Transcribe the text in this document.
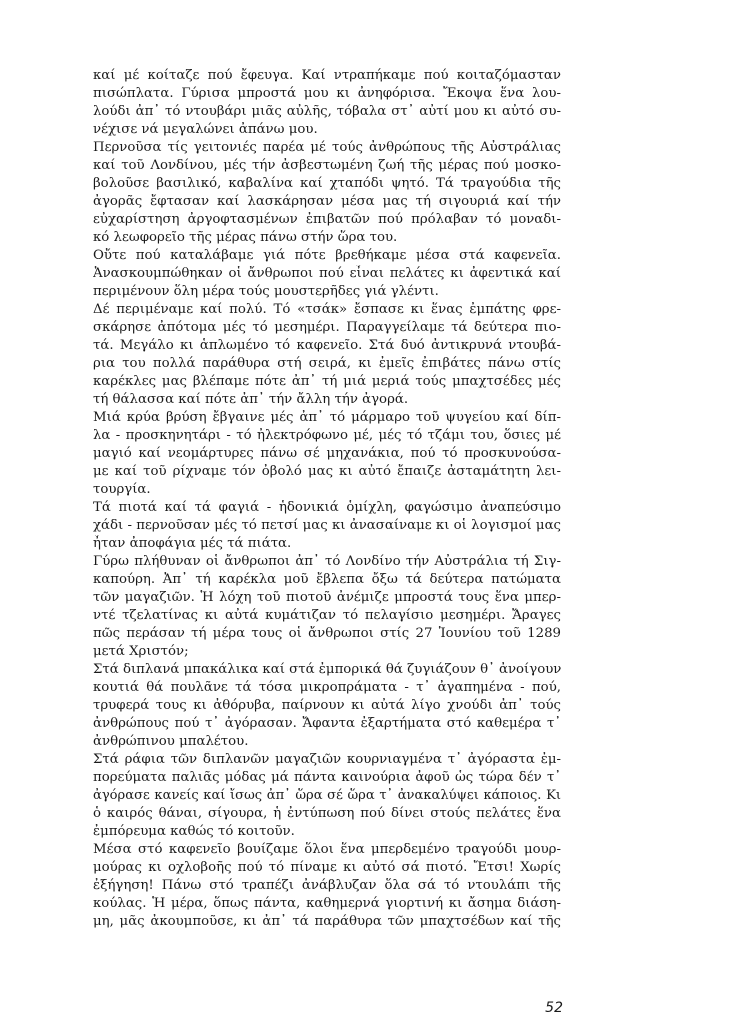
καί μέ κοίταζε πού ἔφευγα. Καί ντραπήκαμε πού κοιταζόμασταν
πισώπλατα. Γύρισα μπροστά μου κι ἀνηφόρισα. Ἔκοψα ἕνα λου-
λούδι ἀπ᾽ τό ντουβάρι μιᾶς αὐλῆς, τόβαλα στ᾽ αὐτί μου κι αὐτό συ-
νέχισε νά μεγαλώνει ἀπάνω μου.
Περνοῦσα τίς γειτονιές παρέα μέ τούς ἀνθρώπους τῆς Αὐστράλιας
καί τοῦ Λονδίνου, μές τήν ἀσβεστωμένη ζωή τῆς μέρας πού μοσκο-
βολοῦσε βασιλικό, καβαλίνα καί χταπόδι ψητό. Τά τραγούδια τῆς
ἀγορᾶς ἔφτασαν καί λασκάρησαν μέσα μας τή σιγουριά καί τήν
εὐχαρίστηση ἀργοφτασμένων ἐπιβατῶν πού πρόλαβαν τό μοναδι-
κό λεωφορεῖο τῆς μέρας πάνω στήν ὥρα του.
Οὔτε πού καταλάβαμε γιά πότε βρεθήκαμε μέσα στά καφενεῖα.
Ἀνασκουμπώθηκαν οἱ ἄνθρωποι πού εἶναι πελάτες κι ἀφεντικά καί
περιμένουν ὅλη μέρα τούς μουστερῆδες γιά γλέντι.
Δέ περιμέναμε καί πολύ. Τό «τσάκ» ἔσπασε κι ἕνας ἐμπάτης φρε-
σκάρησε ἀπότομα μές τό μεσημέρι. Παραγγείλαμε τά δεύτερα πιο-
τά. Μεγάλο κι ἁπλωμένο τό καφενεῖο. Στά δυό ἀντικρυνά ντουβά-
ρια του πολλά παράθυρα στή σειρά, κι ἐμεῖς ἐπιβάτες πάνω στίς
καρέκλες μας βλέπαμε πότε ἀπ᾽ τή μιά μεριά τούς μπαχτσέδες μές
τή θάλασσα καί πότε ἀπ᾽ τήν ἄλλη τήν ἀγορά.
Μιά κρύα βρύση ἔβγαινε μές ἀπ᾽ τό μάρμαρο τοῦ ψυγείου καί δίπ-
λα - προσκηνητάρι - τό ἠλεκτρόφωνο μέ, μές τό τζάμι του, ὅσιες μέ
μαγιό καί νεομάρτυρες πάνω σέ μηχανάκια, πού τό προσκυνούσα-
με καί τοῦ ρίχναμε τόν ὀβολό μας κι αὐτό ἔπαιζε ἀσταμάτητη λει-
τουργία.
Τά πιοτά καί τά φαγιά - ἡδονικιά ὁμίχλη, φαγώσιμο ἀναπεύσιμο
χάδι - περνοῦσαν μές τό πετσί μας κι ἀνασαίναμε κι οἱ λογισμοί μας
ἦταν ἀποφάγια μές τά πιάτα.
Γύρω πλήθυναν οἱ ἄνθρωποι ἀπ᾽ τό Λονδίνο τήν Αὐστράλια τή Σιγ-
καπούρη. Ἀπ᾽ τή καρέκλα μοῦ ἔβλεπα ὄξω τά δεύτερα πατώματα
τῶν μαγαζιῶν. Ἡ λόχη τοῦ πιοτοῦ ἀνέμιζε μπροστά τους ἕνα μπερ-
ντέ τζελατίνας κι αὐτά κυμάτιζαν τό πελαγίσιο μεσημέρι. Ἄραγες
πῶς περάσαν τή μέρα τους οἱ ἄνθρωποι στίς 27 Ἰουνίου τοῦ 1289
μετά Χριστόν;
Στά διπλανά μπακάλικα καί στά ἐμπορικά θά ζυγιάζουν θ᾽ ἀνοίγουν
κουτιά θά πουλᾶνε τά τόσα μικροπράματα - τ᾽ ἀγαπημένα - πού,
τρυφερά τους κι ἀθόρυβα, παίρνουν κι αὐτά λίγο χνούδι ἀπ᾽ τούς
ἀνθρώπους πού τ᾽ ἀγόρασαν. Ἄφαντα ἐξαρτήματα στό καθεμέρα τ᾽
ἀνθρώπινου μπαλέτου.
Στά ράφια τῶν διπλανῶν μαγαζιῶν κουρνιαγμένα τ᾽ ἀγόραστα ἐμ-
πορεύματα παλιᾶς μόδας μά πάντα καινούρια ἀφοῦ ὡς τώρα δέν τ᾽
ἀγόρασε κανείς καί ἴσως ἀπ᾽ ὥρα σέ ὥρα τ᾽ ἀνακαλύψει κάποιος. Κι
ὁ καιρός θάναι, σίγουρα, ἡ ἐντύπωση πού δίνει στούς πελάτες ἕνα
ἐμπόρευμα καθώς τό κοιτοῦν.
Μέσα στό καφενεῖο βουίζαμε ὅλοι ἕνα μπερδεμένο τραγούδι μουρ-
μούρας κι οχλοβοῆς πού τό πίναμε κι αὐτό σά πιοτό. Ἔτσι! Χωρίς
ἐξήγηση! Πάνω στό τραπέζι ἀνάβλυζαν ὅλα σά τό ντουλάπι τῆς
κούλας. Ἡ μέρα, ὅπως πάντα, καθημερνά γιορτινή κι ἄσημα διάση-
μη, μᾶς ἀκουμποῦσε, κι ἀπ᾽ τά παράθυρα τῶν μπαχτσέδων καί τῆς
52
